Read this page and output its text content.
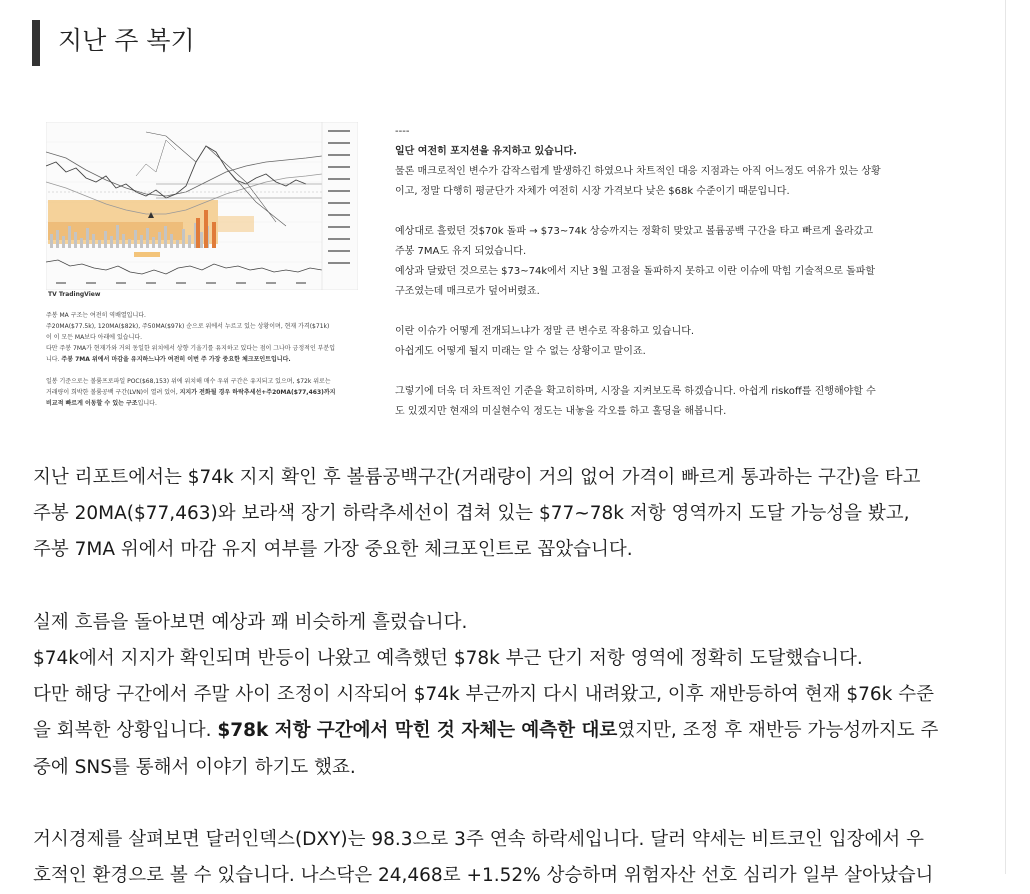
지난 주 복기
TV TradingView

주봉 MA 구조는 여전히 역배열입니다.

주20MA($77.5k), 120MA($82k), 주50MA($97k) 순으로 위에서 누르고 있는 상황이며, 현재 가격($71k)

이 이 모든 MA보다 아래에 있습니다.

다만 주봉 7MA가 현재가와 거의 동일한 위치에서 상향 기울기를 유지하고 있다는 점이 그나마 긍정적인 부분입

니다. 주봉 7MA 위에서 마감을 유지하느냐가 여전히 이번 주 가장 중요한 체크포인트입니다.

일봉 기준으로는 볼륨프로파일 POC($68,153) 위에 위치해 매수 우위 구간은 유지되고 있으며, $72k 위로는

거래량이 희박한 볼륨공백 구간(LVN)이 열려 있어, 지지가 전화될 경우 하락추세선+주20MA($77,463)까지

비교적 빠르게 이동할 수 있는 구조입니다.

----

일단 여전히 포지션을 유지하고 있습니다.

물론 매크로적인 변수가 갑작스럽게 발생하긴 하였으나 차트적인 대응 지점과는 아직 어느정도 여유가 있는 상황

이고, 정말 다행히 평균단가 자체가 여전히 시장 가격보다 낮은 $68k 수준이기 때문입니다.

예상대로 흘렀던 것$70k 돌파 → $73~74k 상승까지는 정확히 맞았고 볼륨공백 구간을 타고 빠르게 올라갔고

주봉 7MA도 유지 되었습니다.

예상과 달랐던 것으로는 $73~74k에서 지난 3월 고점을 돌파하지 못하고 이란 이슈에 막힘 기술적으로 돌파할

구조였는데 매크로가 덮어버렸죠.

이란 이슈가 어떻게 전개되느냐가 정말 큰 변수로 작용하고 있습니다.

아쉽게도 어떻게 될지 미래는 알 수 없는 상황이고 말이죠.

그렇기에 더욱 더 차트적인 기준을 확고히하며, 시장을 지켜보도록 하겠습니다. 아쉽게 riskoff를 진행해야할 수

도 있겠지만 현재의 미실현수익 정도는 내놓을 각오를 하고 홀딩을 해봅니다.

지난 리포트에서는 $74k 지지 확인 후 볼륨공백구간(거래량이 거의 없어 가격이 빠르게 통과하는 구간)을 타고

주봉 20MA($77,463)와 보라색 장기 하락추세선이 겹쳐 있는 $77~78k 저항 영역까지 도달 가능성을 봤고,

주봉 7MA 위에서 마감 유지 여부를 가장 중요한 체크포인트로 꼽았습니다.

실제 흐름을 돌아보면 예상과 꽤 비슷하게 흘렀습니다.

$74k에서 지지가 확인되며 반등이 나왔고 예측했던 $78k 부근 단기 저항 영역에 정확히 도달했습니다.

다만 해당 구간에서 주말 사이 조정이 시작되어 $74k 부근까지 다시 내려왔고, 이후 재반등하여 현재 $76k 수준

을 회복한 상황입니다. $78k 저항 구간에서 막힌 것 자체는 예측한 대로였지만, 조정 후 재반등 가능성까지도 주

중에 SNS를 통해서 이야기 하기도 했죠.

거시경제를 살펴보면 달러인덱스(DXY)는 98.3으로 3주 연속 하락세입니다. 달러 약세는 비트코인 입장에서 우

호적인 환경으로 볼 수 있습니다. 나스닥은 24,468로 +1.52% 상승하며 위험자산 선호 심리가 일부 살아났습니
